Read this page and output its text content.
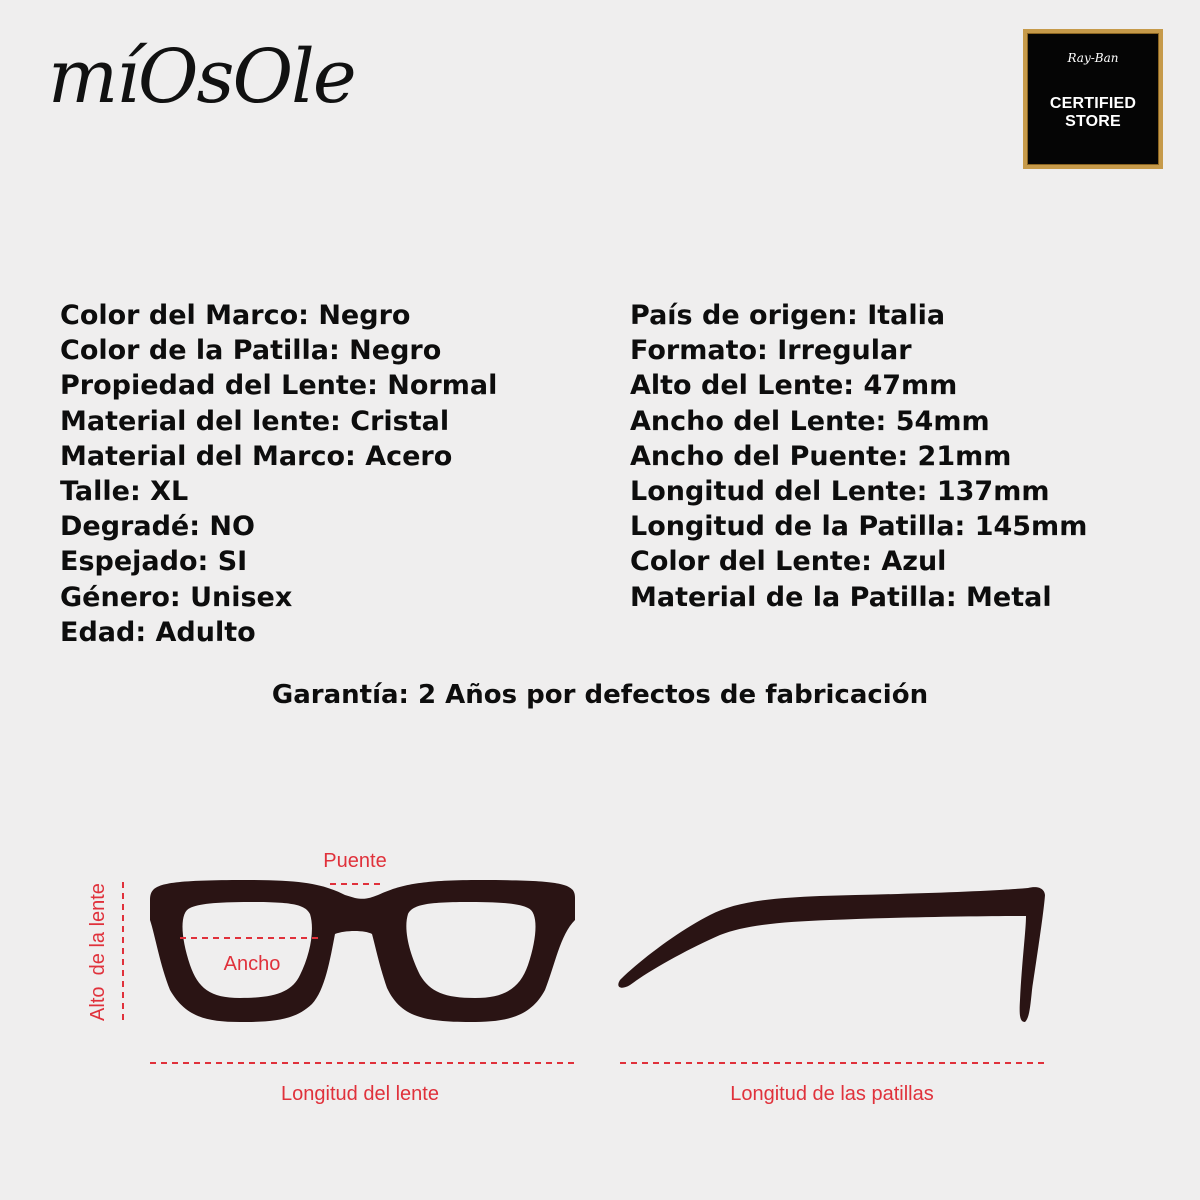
míOsOle	Ray-Ban
CERTIFIED
STORE
Color del Marco: Negro
Color de la Patilla: Negro
Propiedad del Lente: Normal
Material del lente: Cristal
Material del Marco: Acero
Talle: XL
Degradé: NO
Espejado: SI
Género: Unisex
Edad: Adulto
País de origen: Italia
Formato: Irregular
Alto del Lente: 47mm
Ancho del Lente: 54mm
Ancho del Puente: 21mm
Longitud del Lente: 137mm
Longitud de la Patilla: 145mm
Color del Lente: Azul
Material de la Patilla: Metal
Garantía: 2 Años por defectos de fabricación
Puente
Ancho
Alto  de la lente
Longitud del lente	Longitud de las patillas
